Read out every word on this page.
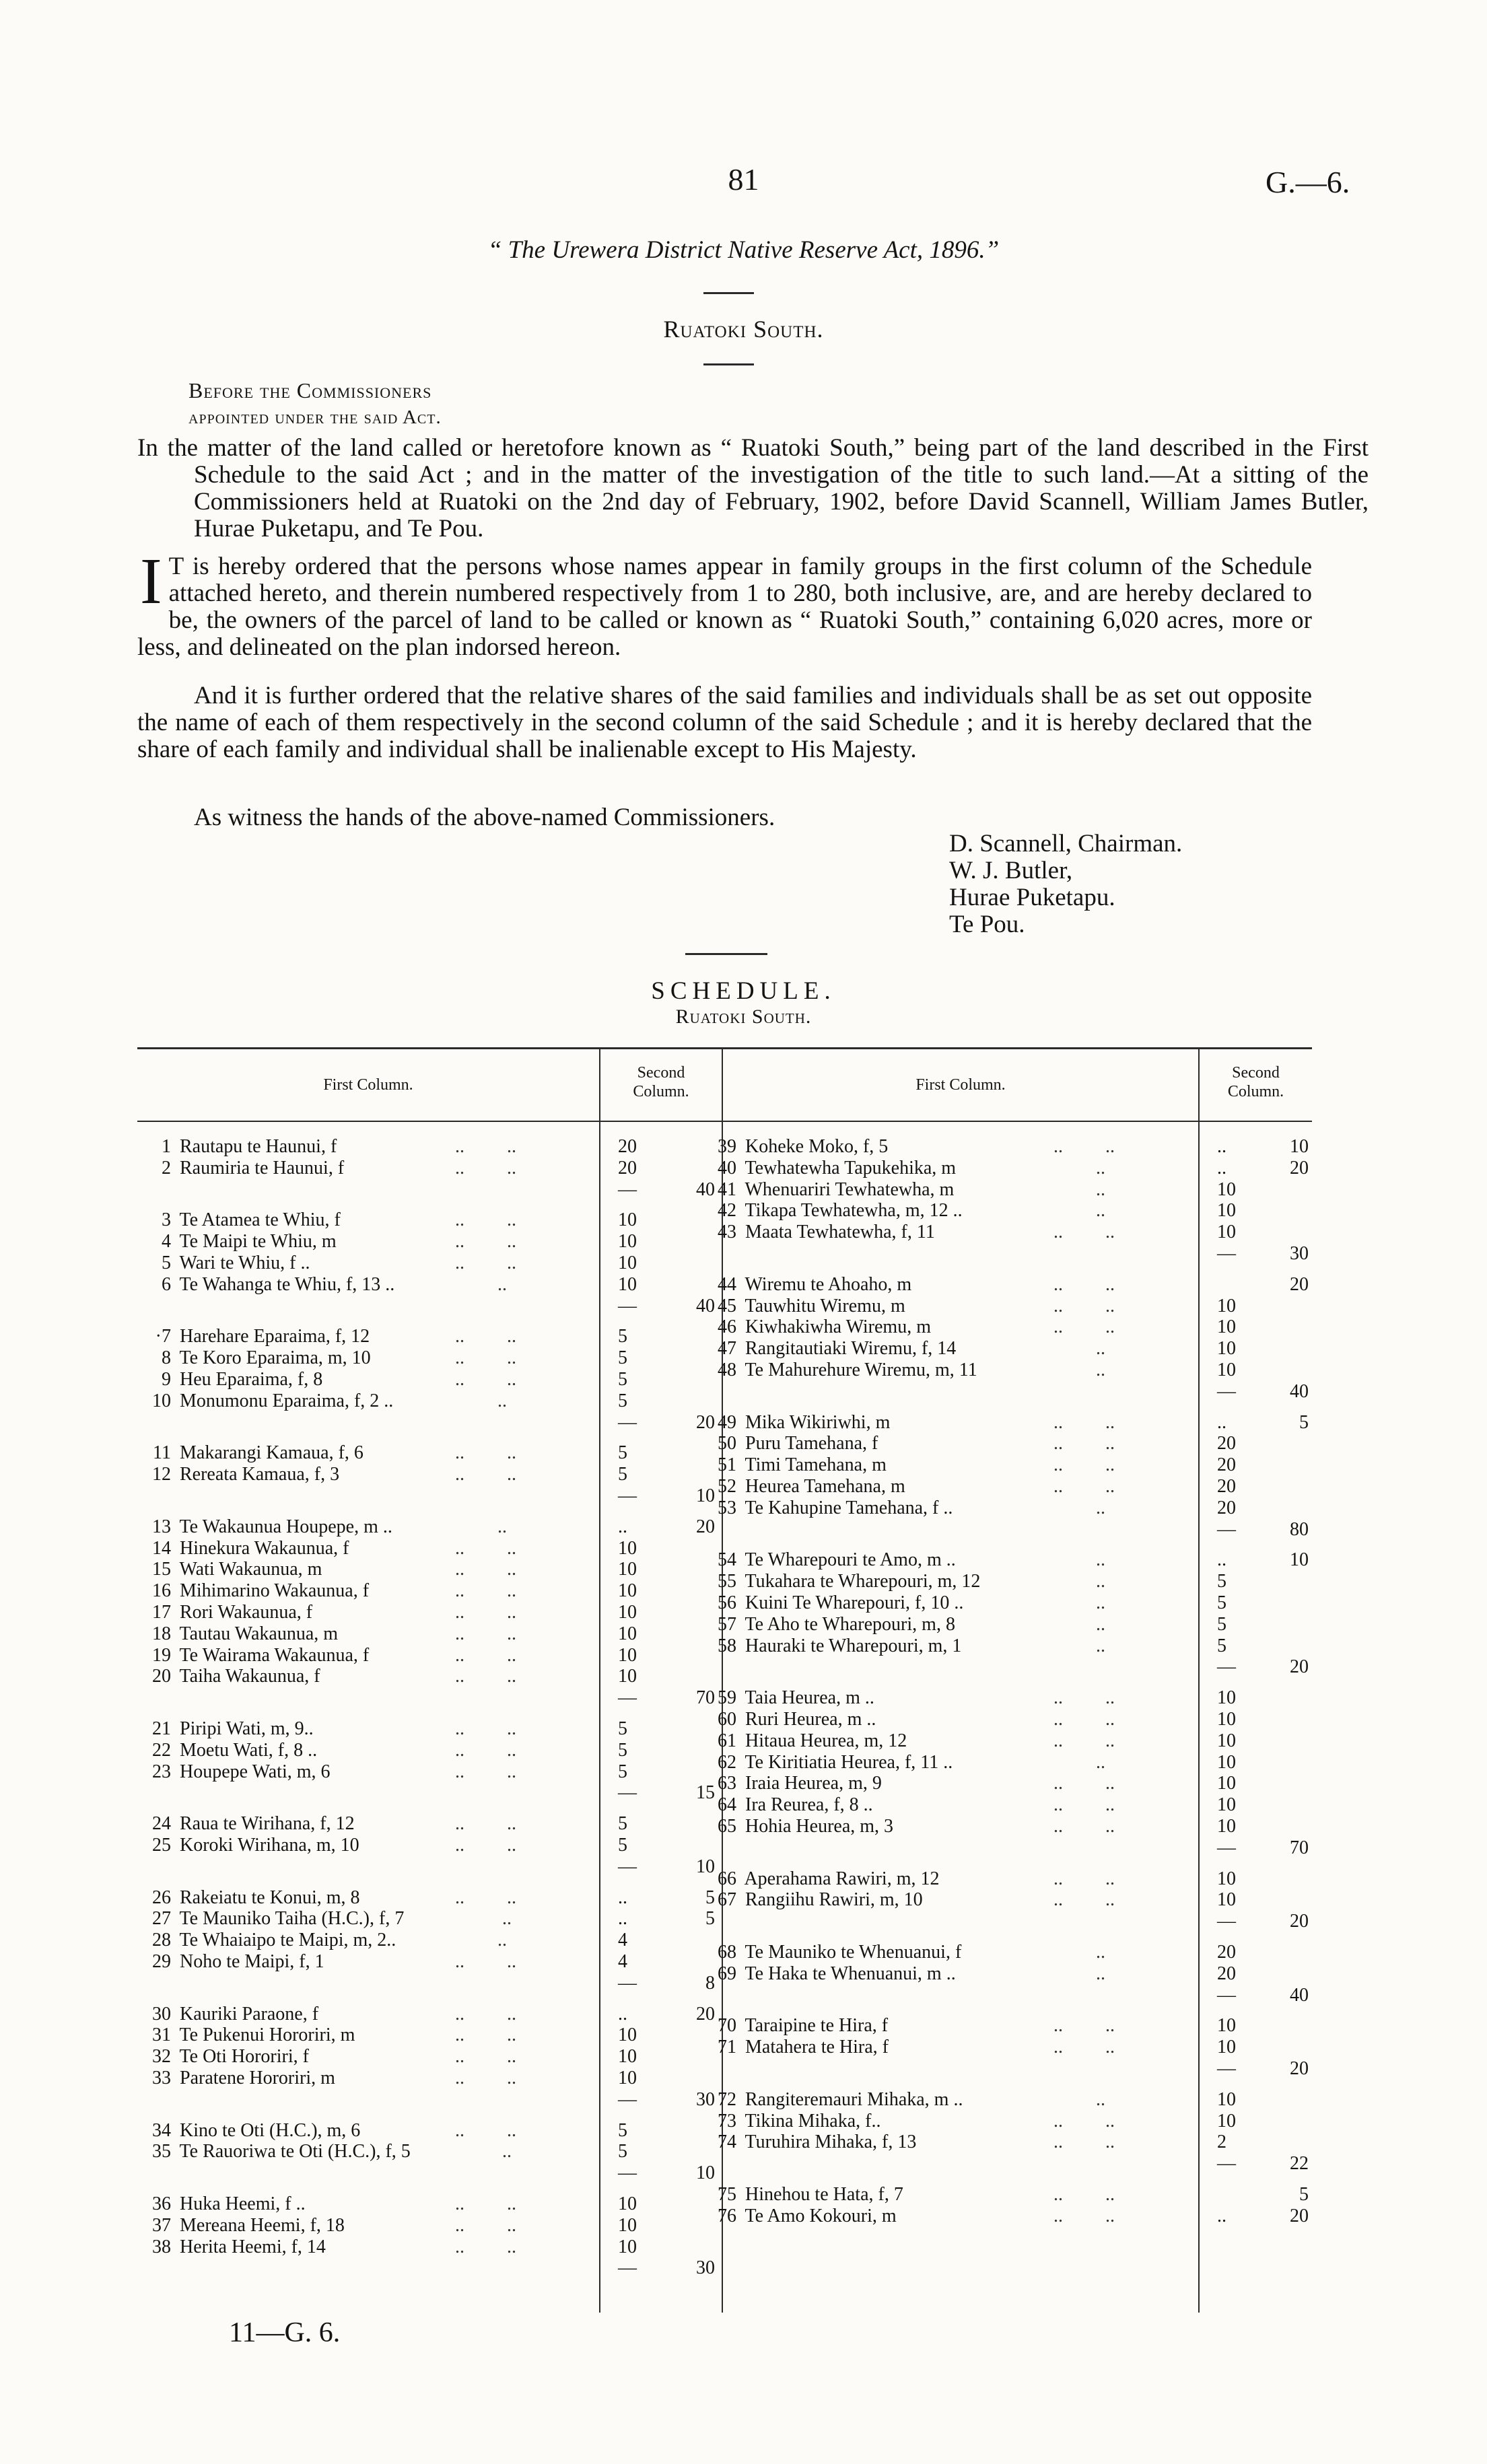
81	G.—6.
“ The Urewera District Native Reserve Act, 1896.”
Ruatoki South.
Before the Commissioners
appointed under the said Act.
In the matter of the land called or heretofore known as “ Ruatoki South,” being part of the land described in the First Schedule to the said Act ; and in the matter of the investigation of the title to such land.—At a sitting of the Commissioners held at Ruatoki on the 2nd day of February, 1902, before David Scannell, William James Butler, Hurae Puketapu, and Te Pou.
I T is hereby ordered that the persons whose names appear in family groups in the first column of the Schedule attached hereto, and therein numbered respectively from 1 to 280, both inclusive, are, and are hereby declared to be, the owners of the parcel of land to be called or known as “ Ruatoki South,” containing 6,020 acres, more or less, and delineated on the plan indorsed hereon.
And it is further ordered that the relative shares of the said families and individuals shall be as set out opposite the name of each of them respectively in the second column of the said Schedule ; and it is hereby declared that the share of each family and individual shall be inalienable except to His Majesty.
As witness the hands of the above-named Commissioners.
D. Scannell, Chairman.
W. J. Butler,
Hurae Puketapu.
Te Pou.
SCHEDULE.
Ruatoki South.
First Column.
Second
Column.	First Column.
Second
Column.
1 Rautapu te Haunui, f	..         ..	20
2 Raumiria te Haunui, f	..         ..	20
—	40
3 Te Atamea te Whiu, f	..         ..	10
4 Te Maipi te Whiu, m	..         ..	10
5 Wari te Whiu, f ..	..         ..	10
6 Te Wahanga te Whiu, f, 13 ..	..	10
—	40
·7 Harehare Eparaima, f, 12	..         ..	5
8 Te Koro Eparaima, m, 10	..         ..	5
9 Heu Eparaima, f, 8	..         ..	5
10 Monumonu Eparaima, f, 2 ..	..	5
—	20
11 Makarangi Kamaua, f, 6	..         ..	5
12 Rereata Kamaua, f, 3	..         ..	5
—	10
13 Te Wakaunua Houpepe, m ..	..	..	20
14 Hinekura Wakaunua, f	..         ..	10
15 Wati Wakaunua, m	..         ..	10
16 Mihimarino Wakaunua, f	..         ..	10
17 Rori Wakaunua, f	..         ..	10
18 Tautau Wakaunua, m	..         ..	10
19 Te Wairama Wakaunua, f	..         ..	10
20 Taiha Wakaunua, f	..         ..	10
—	70
21 Piripi Wati, m, 9..	..         ..	5
22 Moetu Wati, f, 8 ..	..         ..	5
23 Houpepe Wati, m, 6	..         ..	5
—	15
24 Raua te Wirihana, f, 12	..         ..	5
25 Koroki Wirihana, m, 10	..         ..	5
—	10
26 Rakeiatu te Konui, m, 8	..         ..	..	5
27 Te Mauniko Taiha (H.C.), f, 7	..	..	5
28 Te Whaiaipo te Maipi, m, 2..	..	4
29 Noho te Maipi, f, 1	..         ..	4
—	8
30 Kauriki Paraone, f	..         ..	..	20
31 Te Pukenui Hororiri, m	..         ..	10
32 Te Oti Hororiri, f	..         ..	10
33 Paratene Hororiri, m	..         ..	10
—	30
34 Kino te Oti (H.C.), m, 6	..         ..	5
35 Te Rauoriwa te Oti (H.C.), f, 5 ..	5
—	10
36 Huka Heemi, f ..	..         ..	10
37 Mereana Heemi, f, 18	..         ..	10
38 Herita Heemi, f, 14	..         ..	10
—	30
39 Koheke Moko, f, 5	..         ..	..	10
40 Tewhatewha Tapukehika, m	..	..	20
41 Whenuariri Tewhatewha, m	..	10
42 Tikapa Tewhatewha, m, 12 ..	..	10
43 Maata Tewhatewha, f, 11	..         ..	10
—	30
44 Wiremu te Ahoaho, m	..         ..	20
45 Tauwhitu Wiremu, m	..         ..	10
46 Kiwhakiwha Wiremu, m	..         ..	10
47 Rangitautiaki Wiremu, f, 14	..	10
48 Te Mahurehure Wiremu, m, 11	..	10
—	40
49 Mika Wikiriwhi, m	..         ..	..	5
50 Puru Tamehana, f	..         ..	20
51 Timi Tamehana, m	..         ..	20
52 Heurea Tamehana, m	..         ..	20
53 Te Kahupine Tamehana, f ..	..	20
—	80
54 Te Wharepouri te Amo, m ..	..	..	10
55 Tukahara te Wharepouri, m, 12	..	5
56 Kuini Te Wharepouri, f, 10 ..	..	5
57 Te Aho te Wharepouri, m, 8	..	5
58 Hauraki te Wharepouri, m, 1	..	5
—	20
59 Taia Heurea, m ..	..         ..	10
60 Ruri Heurea, m ..	..         ..	10
61 Hitaua Heurea, m, 12	..         ..	10
62 Te Kiritiatia Heurea, f, 11 ..	..	10
63 Iraia Heurea, m, 9	..         ..	10
64 Ira Reurea, f, 8 ..	..         ..	10
65 Hohia Heurea, m, 3	..         ..	10
—	70
66 Aperahama Rawiri, m, 12	..         ..	10
67 Rangiihu Rawiri, m, 10	..         ..	10
—	20
68 Te Mauniko te Whenuanui, f	..	20
69 Te Haka te Whenuanui, m ..	..	20
—	40
70 Taraipine te Hira, f	..         ..	10
71 Matahera te Hira, f	..         ..	10
—	20
72 Rangiteremauri Mihaka, m ..	..	10
73 Tikina Mihaka, f..	..         ..	10
74 Turuhira Mihaka, f, 13	..         ..	2
—	22
75 Hinehou te Hata, f, 7	..         ..	5
76 Te Amo Kokouri, m	..         ..	..	20
11—G. 6.
